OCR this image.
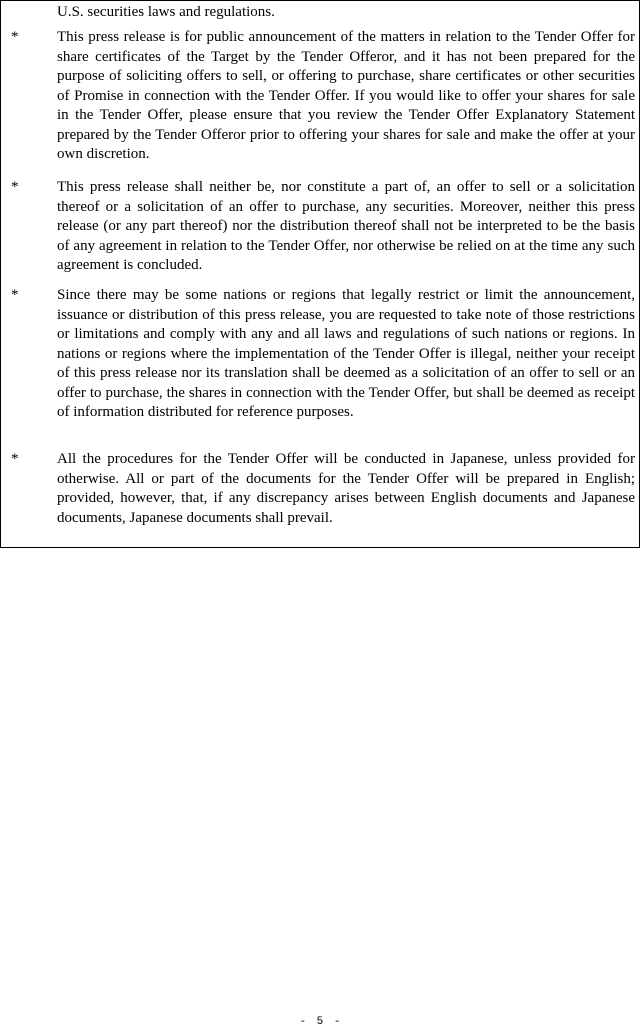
U.S. securities laws and regulations.

*	This press release is for public announcement of the matters in relation to the Tender Offer for share certificates of the Target by the Tender Offeror, and it has not been prepared for the purpose of soliciting offers to sell, or offering to purchase, share certificates or other securities of Promise in connection with the Tender Offer. If you would like to offer your shares for sale in the Tender Offer, please ensure that you review the Tender Offer Explanatory Statement prepared by the Tender Offeror prior to offering your shares for sale and make the offer at your own discretion.

*	This press release shall neither be, nor constitute a part of, an offer to sell or a solicitation thereof or a solicitation of an offer to purchase, any securities. Moreover, neither this press release (or any part thereof) nor the distribution thereof shall not be interpreted to be the basis of any agreement in relation to the Tender Offer, nor otherwise be relied on at the time any such agreement is concluded.

*	Since there may be some nations or regions that legally restrict or limit the announcement, issuance or distribution of this press release, you are requested to take note of those restrictions or limitations and comply with any and all laws and regulations of such nations or regions. In nations or regions where the implementation of the Tender Offer is illegal, neither your receipt of this press release nor its translation shall be deemed as a solicitation of an offer to sell or an offer to purchase, the shares in connection with the Tender Offer, but shall be deemed as receipt of information distributed for reference purposes.

*	All the procedures for the Tender Offer will be conducted in Japanese, unless provided for otherwise. All or part of the documents for the Tender Offer will be prepared in English; provided, however, that, if any discrepancy arises between English documents and Japanese documents, Japanese documents shall prevail.

- 5 -
